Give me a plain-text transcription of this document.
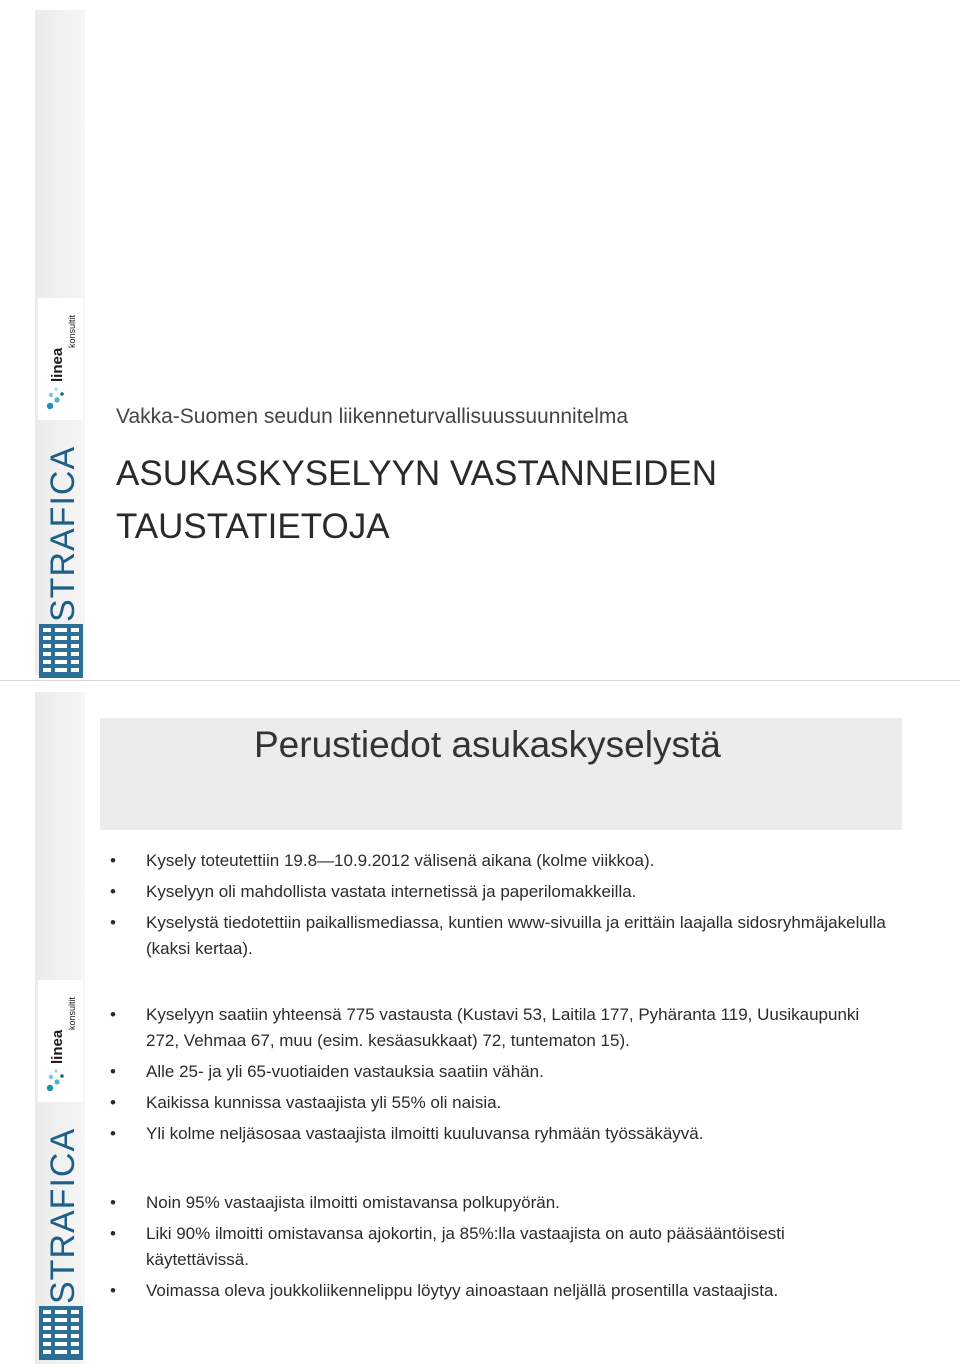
linea
konsultit
STRAFICA
Vakka-Suomen seudun liikenneturvallisuussuunnitelma
ASUKASKYSELYYN VASTANNEIDEN
TAUSTATIETOJA
linea
konsultit
STRAFICA
Perustiedot asukaskyselystä
• Kysely toteutettiin 19.8—10.9.2012 välisenä aikana (kolme viikkoa).
• Kyselyyn oli mahdollista vastata internetissä ja paperilomakkeilla.
• Kyselystä tiedotettiin paikallismediassa, kuntien www-sivuilla ja erittäin laajalla sidosryhmäjakelulla (kaksi kertaa).
• Kyselyyn saatiin yhteensä 775 vastausta (Kustavi 53, Laitila 177, Pyhäranta 119, Uusikaupunki 272, Vehmaa 67, muu (esim. kesäasukkaat) 72, tuntematon 15).
• Alle 25- ja yli 65-vuotiaiden vastauksia saatiin vähän.
• Kaikissa kunnissa vastaajista yli 55% oli naisia.
• Yli kolme neljäsosaa vastaajista ilmoitti kuuluvansa ryhmään työssäkäyvä.
• Noin 95% vastaajista ilmoitti omistavansa polkupyörän.
• Liki 90% ilmoitti omistavansa ajokortin, ja 85%:lla vastaajista on auto pääsääntöisesti käytettävissä.
• Voimassa oleva joukkoliikennelippu löytyy ainoastaan neljällä prosentilla vastaajista.
